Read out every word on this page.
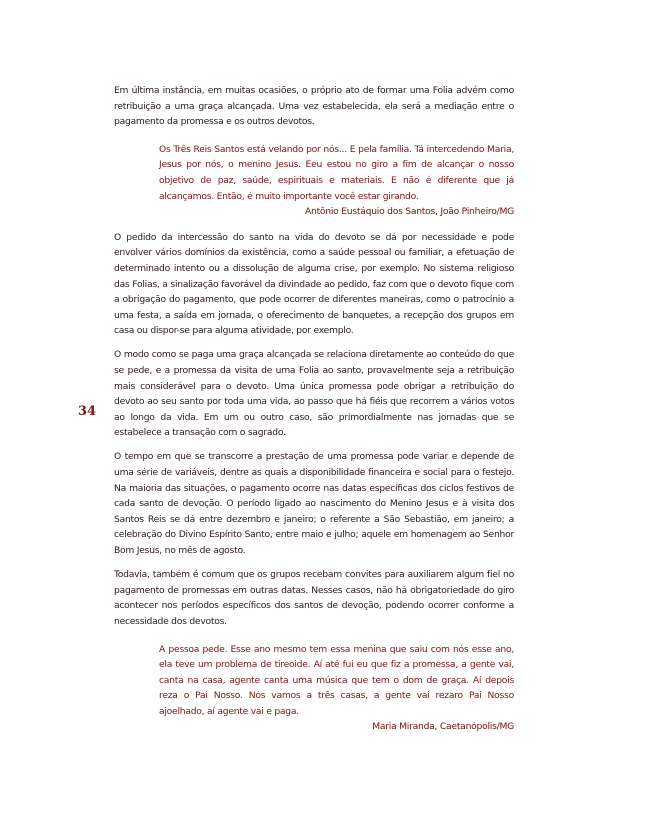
34

Em última instância, em muitas ocasiões, o próprio ato de formar uma Folia advém como retribuição a uma graça alcançada. Uma vez estabelecida, ela será a mediação entre o pagamento da promessa e os outros devotos.

Os Três Reis Santos está velando por nós... E pela família. Tá intercedendo Maria, Jesus por nós, o menino Jesus. Eeu estou no giro a fim de alcançar o nosso objetivo de paz, saúde, espirituais e materiais. E não é diferente que já alcançamos. Então, é muito importante você estar girando.

Antônio Eustáquio dos Santos, João Pinheiro/MG

O pedido da intercessão do santo na vida do devoto se dá por necessidade e pode envolver vários domínios da existência, como a saúde pessoal ou familiar, a efetuação de determinado intento ou a dissolução de alguma crise, por exemplo. No sistema religioso das Folias, a sinalização favorável da divindade ao pedido, faz com que o devoto fique com a obrigação do pagamento, que pode ocorrer de diferentes maneiras, como o patrocínio a uma festa, a saída em jornada, o oferecimento de banquetes, a recepção dos grupos em casa ou dispor-se para alguma atividade, por exemplo.

O modo como se paga uma graça alcançada se relaciona diretamente ao conteúdo do que se pede, e a promessa da visita de uma Folia ao santo, provavelmente seja a retribuição mais considerável para o devoto. Uma única promessa pode obrigar a retribuição do devoto ao seu santo por toda uma vida, ao passo que há fiéis que recorrem a vários votos ao longo da vida. Em um ou outro caso, são primordialmente nas jornadas que se estabelece a transação com o sagrado.

O tempo em que se transcorre a prestação de uma promessa pode variar e depende de uma série de variáveis, dentre as quais a disponibilidade financeira e social para o festejo. Na maioria das situações, o pagamento ocorre nas datas específicas dos ciclos festivos de cada santo de devoção. O período ligado ao nascimento do Menino Jesus e à visita dos Santos Reis se dá entre dezembro e janeiro; o referente a São Sebastião, em janeiro; a celebração do Divino Espírito Santo, entre maio e julho; aquele em homenagem ao Senhor Bom Jesus, no mês de agosto.

Todavia, também é comum que os grupos recebam convites para auxiliarem algum fiel no pagamento de promessas em outras datas. Nesses casos, não há obrigatoriedade do giro acontecer nos períodos específicos dos santos de devoção, podendo ocorrer conforme a necessidade dos devotos.

A pessoa pede. Esse ano mesmo tem essa menina que saiu com nós esse ano, ela teve um problema de tireoide. Aí até fui eu que fiz a promessa, a gente vai, canta na casa, agente canta uma música que tem o dom de graça. Aí depois reza o Pai Nosso. Nós vamos a três casas, a gente vai rezaro Pai Nosso ajoelhado, aí agente vai e paga.

Maria Miranda, Caetanópolis/MG
